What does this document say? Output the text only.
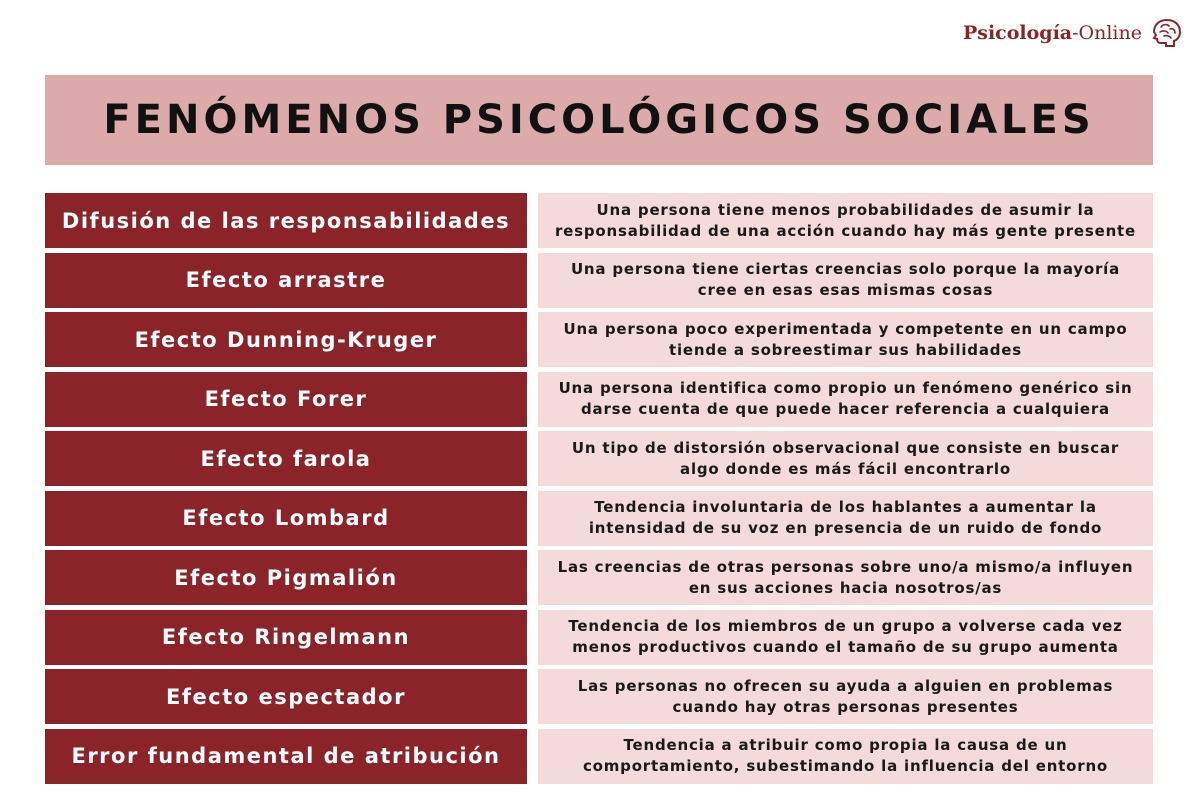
Psicología-Online
FENÓMENOS PSICOLÓGICOS SOCIALES
Difusión de las responsabilidades	Una persona tiene menos probabilidades de asumir la
responsabilidad de una acción cuando hay más gente presente
Efecto arrastre	Una persona tiene ciertas creencias solo porque la mayoría
cree en esas esas mismas cosas
Efecto Dunning-Kruger	Una persona poco experimentada y competente en un campo
tiende a sobreestimar sus habilidades
Efecto Forer	Una persona identifica como propio un fenómeno genérico sin
darse cuenta de que puede hacer referencia a cualquiera
Efecto farola	Un tipo de distorsión observacional que consiste en buscar
algo donde es más fácil encontrarlo
Efecto Lombard	Tendencia involuntaria de los hablantes a aumentar la
intensidad de su voz en presencia de un ruido de fondo
Efecto Pigmalión	Las creencias de otras personas sobre uno/a mismo/a influyen
en sus acciones hacia nosotros/as
Efecto Ringelmann	Tendencia de los miembros de un grupo a volverse cada vez
menos productivos cuando el tamaño de su grupo aumenta
Efecto espectador	Las personas no ofrecen su ayuda a alguien en problemas
cuando hay otras personas presentes
Error fundamental de atribución	Tendencia a atribuir como propia la causa de un
comportamiento, subestimando la influencia del entorno
